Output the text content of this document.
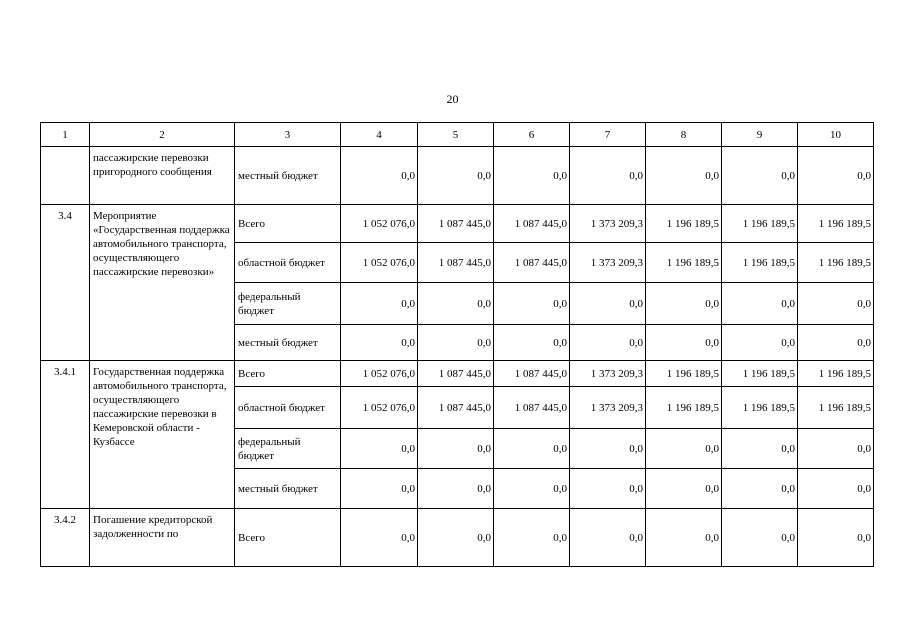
20
1	2	3	4	5	6	7	8	9	10
	пассажирские перевозки пригородного сообщения	местный бюджет	0,0	0,0	0,0	0,0	0,0	0,0	0,0
3.4	Мероприятие «Государственная поддержка автомобильного транспорта, осуществляющего пассажирские перевозки»	Всего	1 052 076,0	1 087 445,0	1 087 445,0	1 373 209,3	1 196 189,5	1 196 189,5	1 196 189,5
		областной бюджет	1 052 076,0	1 087 445,0	1 087 445,0	1 373 209,3	1 196 189,5	1 196 189,5	1 196 189,5
		федеральный бюджет	0,0	0,0	0,0	0,0	0,0	0,0	0,0
		местный бюджет	0,0	0,0	0,0	0,0	0,0	0,0	0,0
3.4.1	Государственная поддержка автомобильного транспорта, осуществляющего пассажирские перевозки в Кемеровской области - Кузбассе	Всего	1 052 076,0	1 087 445,0	1 087 445,0	1 373 209,3	1 196 189,5	1 196 189,5	1 196 189,5
		областной бюджет	1 052 076,0	1 087 445,0	1 087 445,0	1 373 209,3	1 196 189,5	1 196 189,5	1 196 189,5
		федеральный бюджет	0,0	0,0	0,0	0,0	0,0	0,0	0,0
		местный бюджет	0,0	0,0	0,0	0,0	0,0	0,0	0,0
3.4.2	Погашение кредиторской задолженности по	Всего	0,0	0,0	0,0	0,0	0,0	0,0	0,0
